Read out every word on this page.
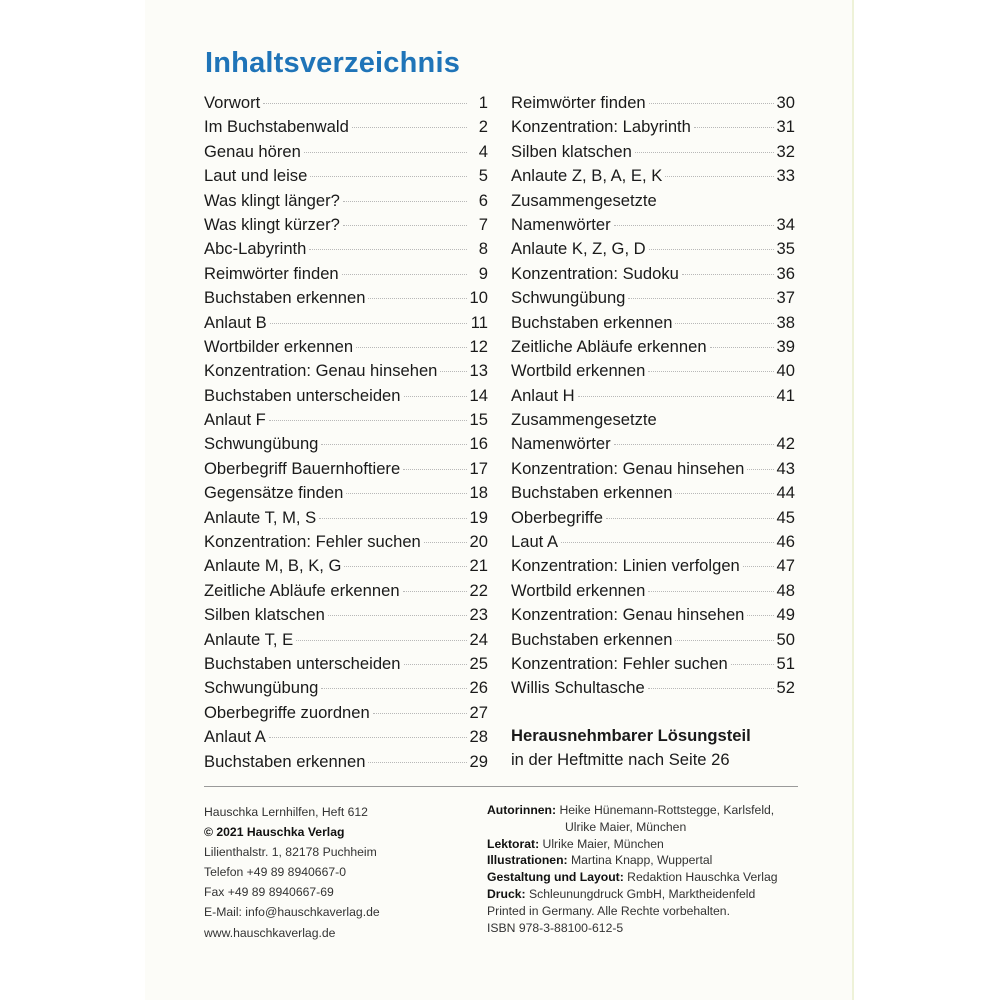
Inhaltsverzeichnis
Vorwort	1
Im Buchstabenwald	2
Genau hören	4
Laut und leise	5
Was klingt länger?	6
Was klingt kürzer?	7
Abc-Labyrinth	8
Reimwörter finden	9
Buchstaben erkennen	10
Anlaut B	11
Wortbilder erkennen	12
Konzentration: Genau hinsehen 13
Buchstaben unterscheiden	14
Anlaut F	15
Schwungübung	16
Oberbegriff Bauernhoftiere	17
Gegensätze finden	18
Anlaute T, M, S	19
Konzentration: Fehler suchen	20
Anlaute M, B, K, G	21
Zeitliche Abläufe erkennen	22
Silben klatschen	23
Anlaute T, E	24
Buchstaben unterscheiden	25
Schwungübung	26
Oberbegriffe zuordnen	27
Anlaut A	28
Buchstaben erkennen	29
Reimwörter finden	30
Konzentration: Labyrinth	31
Silben klatschen	32
Anlaute Z, B, A, E, K	33
Zusammengesetzte
Namenwörter	34
Anlaute K, Z, G, D	35
Konzentration: Sudoku	36
Schwungübung	37
Buchstaben erkennen	38
Zeitliche Abläufe erkennen	39
Wortbild erkennen	40
Anlaut H	41
Zusammengesetzte
Namenwörter	42
Konzentration: Genau hinsehen 43
Buchstaben erkennen	44
Oberbegriffe	45
Laut A	46
Konzentration: Linien verfolgen 47
Wortbild erkennen	48
Konzentration: Genau hinsehen 49
Buchstaben erkennen	50
Konzentration: Fehler suchen	51
Willis Schultasche	52
Herausnehmbarer Lösungsteil
in der Heftmitte nach Seite 26
Hauschka Lernhilfen, Heft 612
© 2021 Hauschka Verlag
Lilienthalstr. 1, 82178 Puchheim
Telefon +49 89 8940667-0
Fax +49 89 8940667-69
E-Mail: info@hauschkaverlag.de
www.hauschkaverlag.de
Autorinnen: Heike Hünemann-Rottstegge, Karlsfeld,
Ulrike Maier, München
Lektorat: Ulrike Maier, München
Illustrationen: Martina Knapp, Wuppertal
Gestaltung und Layout: Redaktion Hauschka Verlag
Druck: Schleunungdruck GmbH, Marktheidenfeld
Printed in Germany. Alle Rechte vorbehalten.
ISBN 978-3-88100-612-5
